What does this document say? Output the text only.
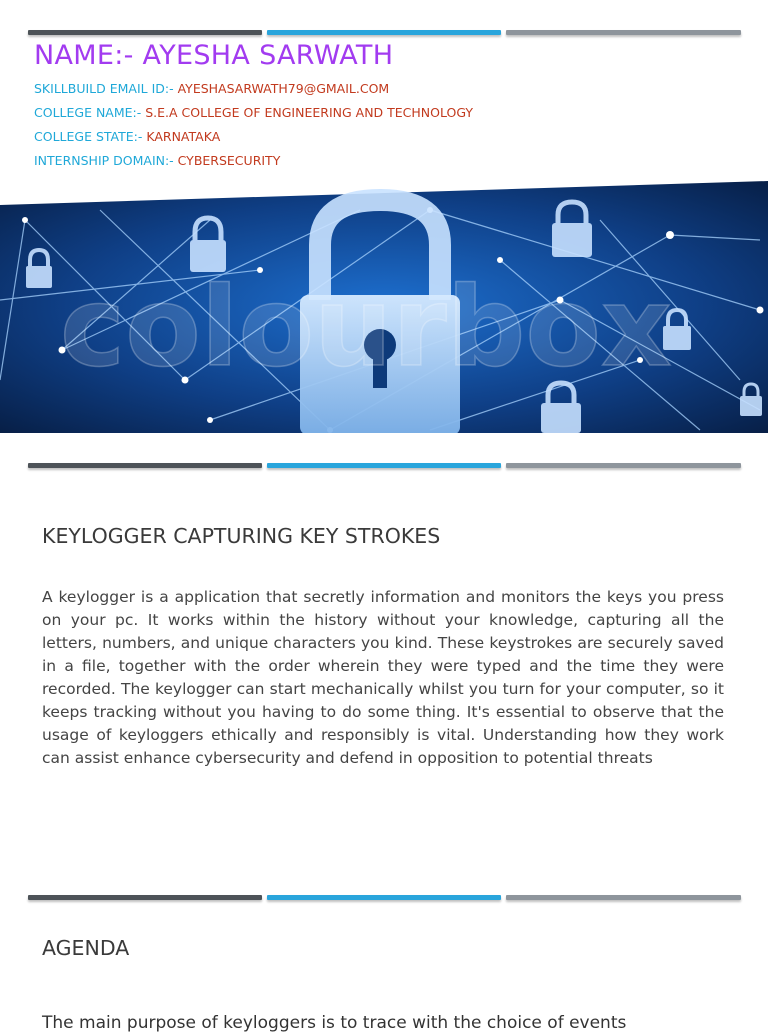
NAME:- AYESHA SARWATH
SKILLBUILD EMAIL ID:- AYESHASARWATH79@GMAIL.COM
COLLEGE NAME:- S.E.A COLLEGE OF ENGINEERING AND TECHNOLOGY
COLLEGE STATE:- KARNATAKA
INTERNSHIP DOMAIN:- CYBERSECURITY
colourbox
KEYLOGGER CAPTURING KEY STROKES

A keylogger is a application that secretly information and monitors the keys you press on your pc. It works within the history without your knowledge, capturing all the letters, numbers, and unique characters you kind. These keystrokes are securely saved in a file, together with the order wherein they were typed and the time they were recorded. The keylogger can start mechanically whilst you turn for your computer, so it keeps tracking without you having to do some thing. It's essential to observe that the usage of keyloggers ethically and responsibly is vital. Understanding how they work can assist enhance cybersecurity and defend in opposition to potential threats

AGENDA

The main purpose of keyloggers is to trace with the choice of events
